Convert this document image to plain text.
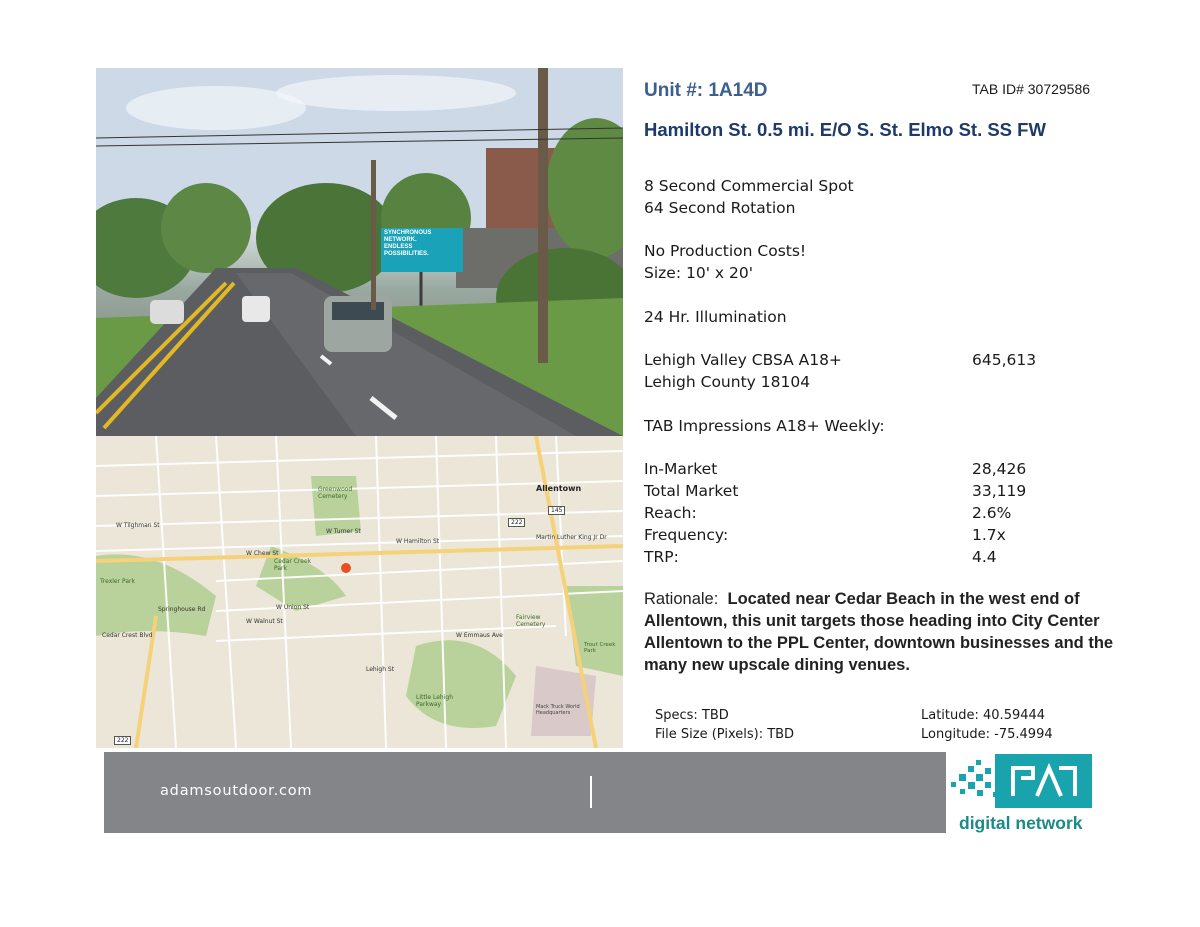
SYNCHRONOUS
NETWORK.
ENDLESS
POSSIBILITIES.
Allentown
Greenwood Cemetery
Cedar Creek Park
Trexler Park
Fairview Cemetery
Little Lehigh Parkway	Mack Truck World Headquarters
W Turner St
W Hamilton St
W Union St
Martin Luther King Jr Dr
W Tilghman St
W Chew St
Lehigh St
Springhouse Rd
Cedar Crest Blvd
W Walnut St
W Emmaus Ave
Trout Creek Park
222
145
222
Unit #: 1A14D	TAB ID# 30729586

Hamilton St. 0.5 mi. E/O S. St. Elmo St. SS FW

8 Second Commercial Spot

64 Second Rotation

No Production Costs!

Size: 10' x 20'

24 Hr. Illumination

Lehigh Valley CBSA A18+	645,613

Lehigh County 18104

TAB Impressions A18+ Weekly:

In-Market	28,426

Total Market	33,119

Reach:	2.6%

Frequency:	1.7x

TRP:	4.4

Rationale: Located near Cedar Beach in the west end of Allentown, this unit targets those heading into City Center Allentown to the PPL Center, downtown businesses and the many new upscale dining venues.

Specs: TBD

File Size (Pixels): TBD

Latitude: 40.59444

Longitude: -75.4994

adamsoutdoor.com

digital network
